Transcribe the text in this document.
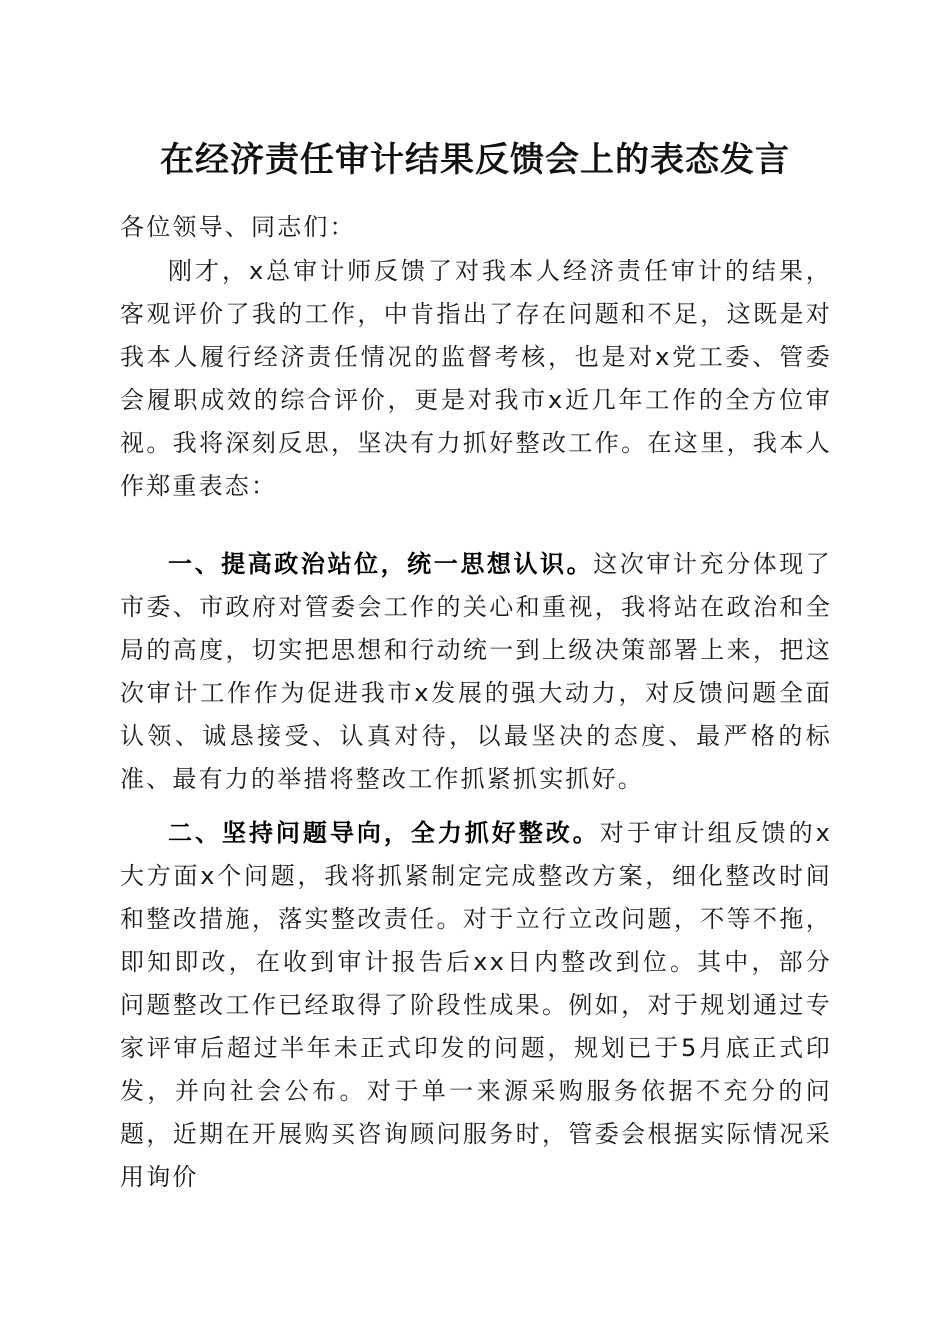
在经济责任审计结果反馈会上的表态发言
各位领导、同志们：

刚才，x总审计师反馈了对我本人经济责任审计的结果，客观评价了我的工作，中肯指出了存在问题和不足，这既是对我本人履行经济责任情况的监督考核，也是对x党工委、管委会履职成效的综合评价，更是对我市x近几年工作的全方位审视。我将深刻反思，坚决有力抓好整改工作。在这里，我本人作郑重表态：

一、提高政治站位，统一思想认识。这次审计充分体现了市委、市政府对管委会工作的关心和重视，我将站在政治和全局的高度，切实把思想和行动统一到上级决策部署上来，把这次审计工作作为促进我市x发展的强大动力，对反馈问题全面认领、诚恳接受、认真对待，以最坚决的态度、最严格的标准、最有力的举措将整改工作抓紧抓实抓好。

二、坚持问题导向，全力抓好整改。对于审计组反馈的x大方面x个问题，我将抓紧制定完成整改方案，细化整改时间和整改措施，落实整改责任。对于立行立改问题，不等不拖，即知即改，在收到审计报告后xx日内整改到位。其中，部分问题整改工作已经取得了阶段性成果。例如，对于规划通过专家评审后超过半年未正式印发的问题，规划已于5月底正式印发，并向社会公布。对于单一来源采购服务依据不充分的问题，近期在开展购买咨询顾问服务时，管委会根据实际情况采用询价
